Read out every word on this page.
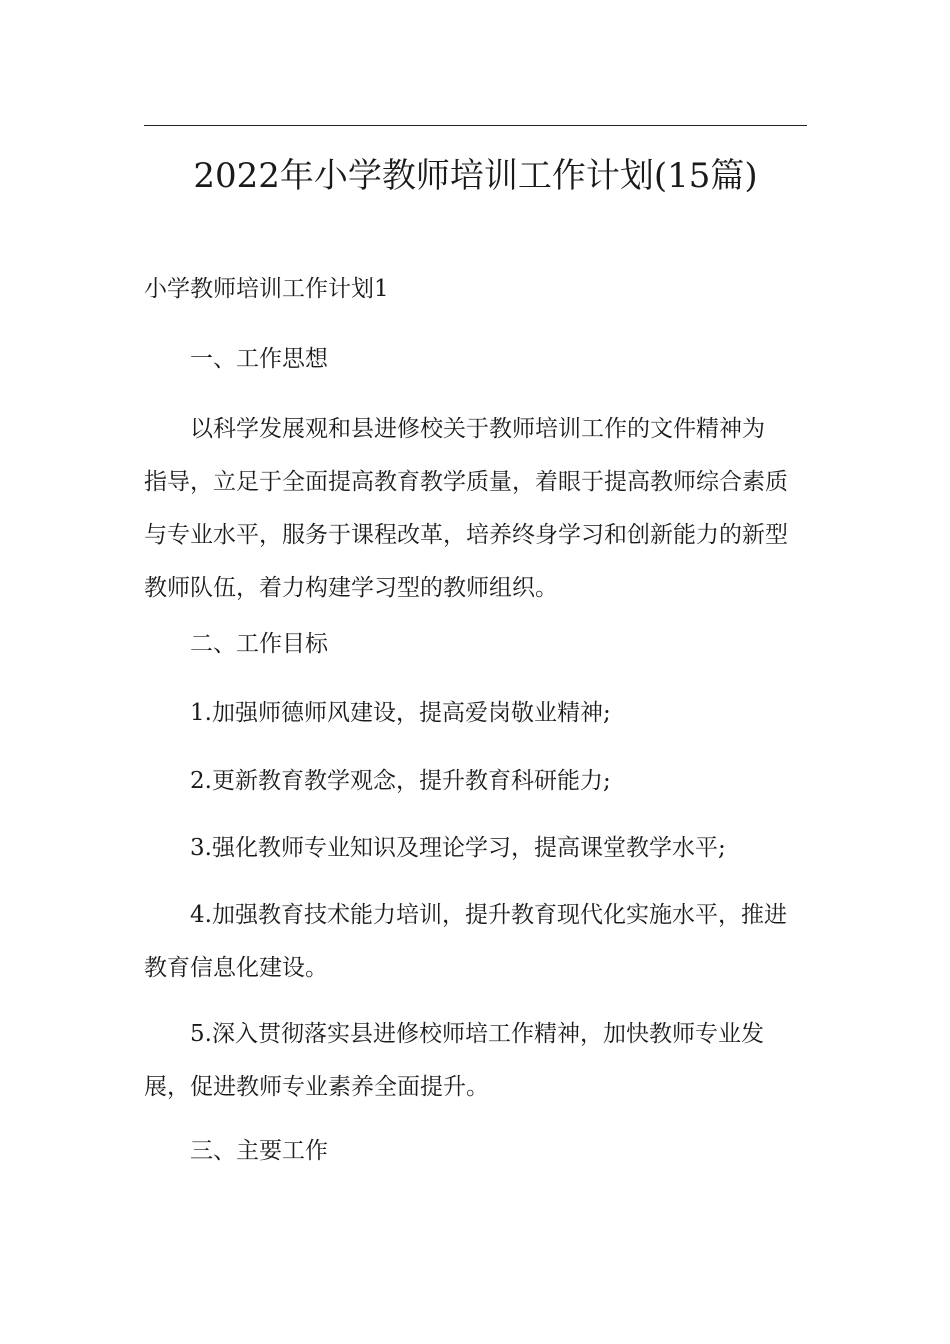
2022年小学教师培训工作计划(15篇)

小学教师培训工作计划1

一、工作思想

以科学发展观和县进修校关于教师培训工作的文件精神为
指导，立足于全面提高教育教学质量，着眼于提高教师综合素质
与专业水平，服务于课程改革，培养终身学习和创新能力的新型
教师队伍，着力构建学习型的教师组织。

二、工作目标

1.加强师德师风建设，提高爱岗敬业精神;

2.更新教育教学观念，提升教育科研能力;

3.强化教师专业知识及理论学习，提高课堂教学水平;

4.加强教育技术能力培训，提升教育现代化实施水平，推进
教育信息化建设。
5.深入贯彻落实县进修校师培工作精神，加快教师专业发
展，促进教师专业素养全面提升。

三、主要工作
